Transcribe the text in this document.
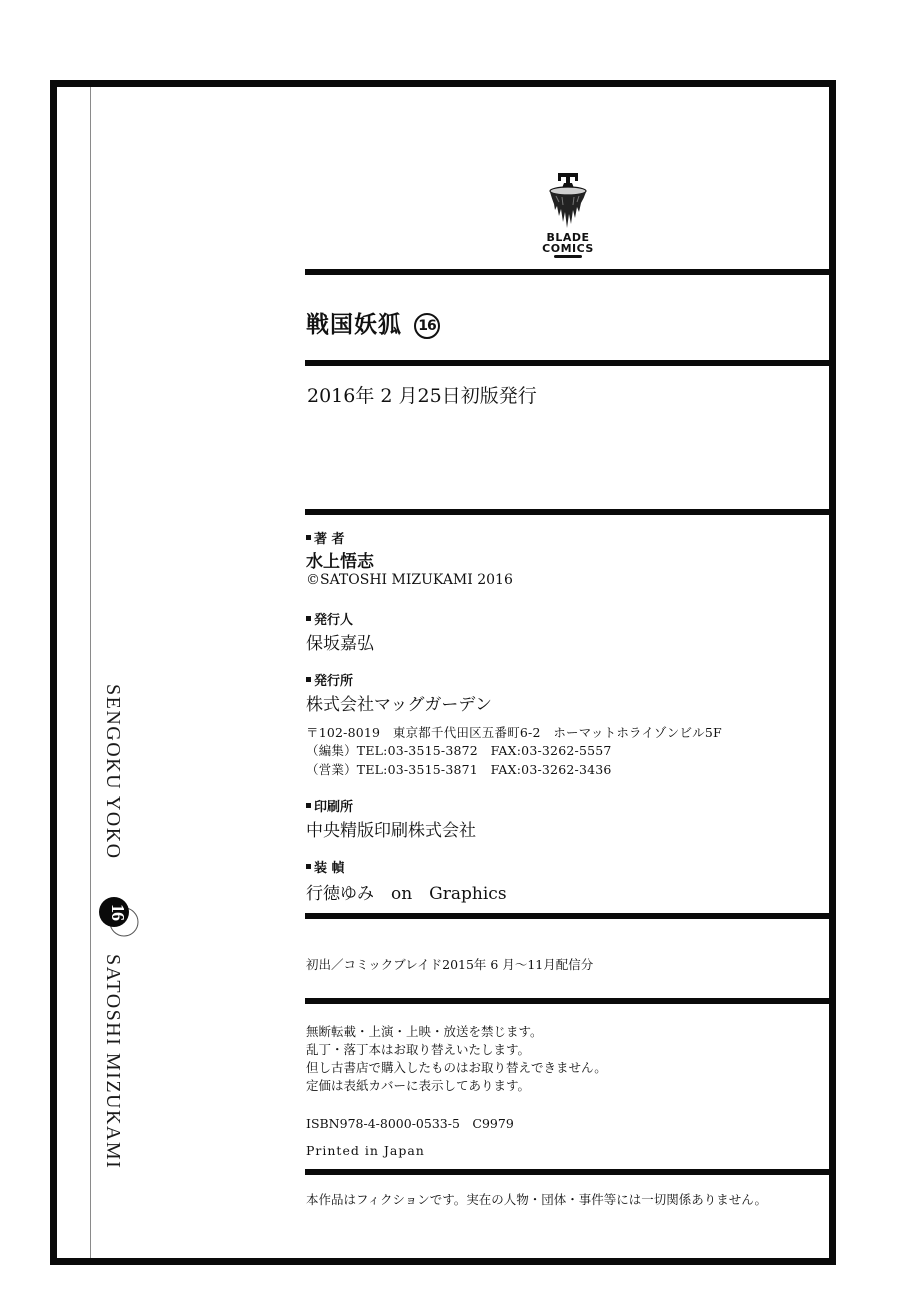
BLADE
COMICS
戦国妖狐 16
2016年 2 月25日初版発行
著 者
水上悟志
©SATOSHI MIZUKAMI 2016
発行人
保坂嘉弘
発行所
株式会社マッグガーデン
〒102-8019　東京都千代田区五番町6-2　ホーマットホライゾンビル5F
（編集）TEL:03-3515-3872　FAX:03-3262-5557
（営業）TEL:03-3515-3871　FAX:03-3262-3436
印刷所
中央精版印刷株式会社
装 幀
行徳ゆみ　on　Graphics
初出／コミックブレイド2015年 6 月～11月配信分
無断転載・上演・上映・放送を禁じます。
乱丁・落丁本はお取り替えいたします。
但し古書店で購入したものはお取り替えできません。
定価は表紙カバーに表示してあります。
ISBN978-4-8000-0533-5　C9979
Printed in Japan
本作品はフィクションです。実在の人物・団体・事件等には一切関係ありません。
SENGOKU YOKO
16
SATOSHI MIZUKAMI
